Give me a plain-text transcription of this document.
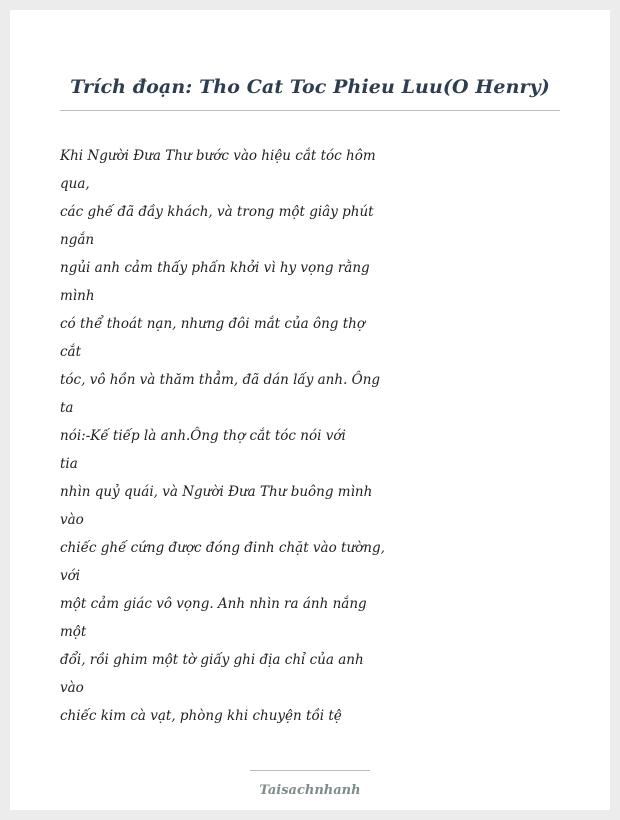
Trích đoạn: Tho Cat Toc Phieu Luu(O Henry)
Khi Người Đưa Thư bước vào hiệu cắt tóc hôm
qua,
các ghế đã đầy khách, và trong một giây phút
ngắn
ngủi anh cảm thấy phấn khởi vì hy vọng rằng
mình
có thể thoát nạn, nhưng đôi mắt của ông thợ
cắt
tóc, vô hồn và thăm thẳm, đã dán lấy anh. Ông
ta
nói:-Kế tiếp là anh.Ông thợ cắt tóc nói với
tia
nhìn quỷ quái, và Người Đưa Thư buông mình
vào
chiếc ghế cứng được đóng đinh chặt vào tường,
với
một cảm giác vô vọng. Anh nhìn ra ánh nắng
một
đổi, rồi ghim một tờ giấy ghi địa chỉ của anh
vào
chiếc kim cà vạt, phòng khi chuyện tồi tệ
Taisachnhanh
